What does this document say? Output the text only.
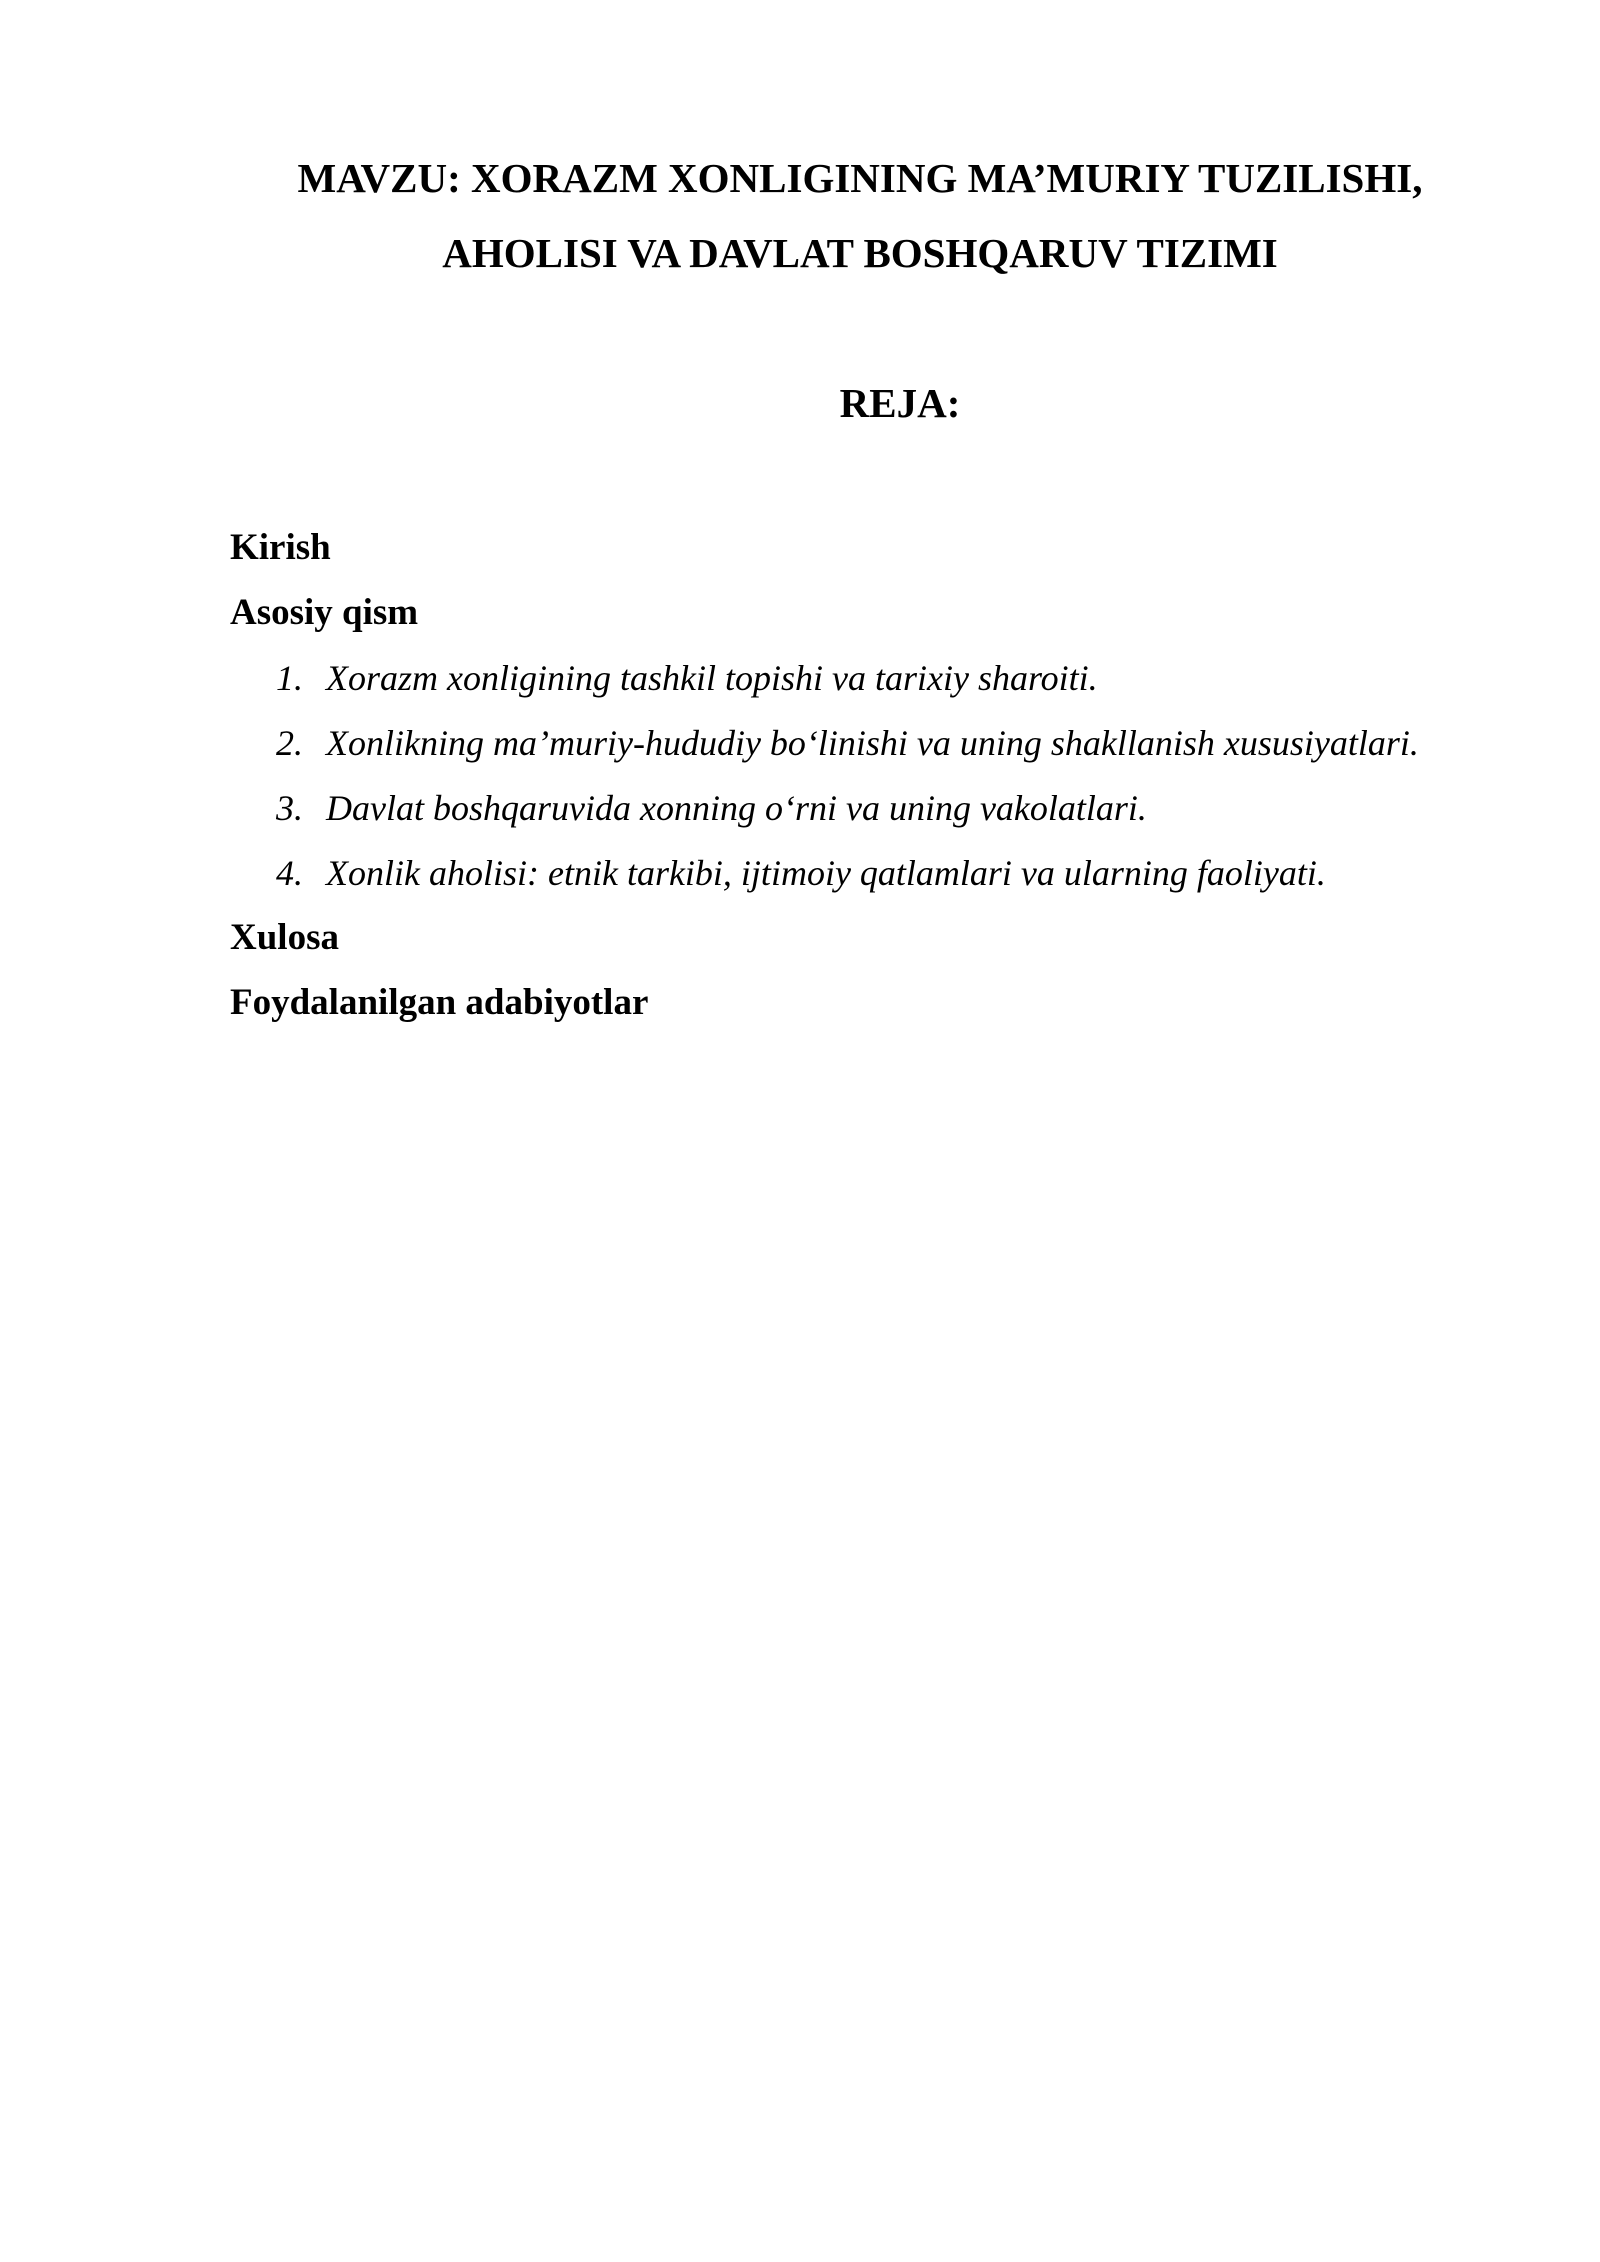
MAVZU: XORAZM XONLIGINING MA’MURIY TUZILISHI,
AHOLISI VA DAVLAT BOSHQARUV TIZIMI
REJA:
Kirish
Asosiy qism
1. Xorazm xonligining tashkil topishi va tarixiy sharoiti.
2. Xonlikning ma’muriy-hududiy bo‘linishi va uning shakllanish xususiyatlari.
3. Davlat boshqaruvida xonning o‘rni va uning vakolatlari.
4. Xonlik aholisi: etnik tarkibi, ijtimoiy qatlamlari va ularning faoliyati.
Xulosa
Foydalanilgan adabiyotlar
